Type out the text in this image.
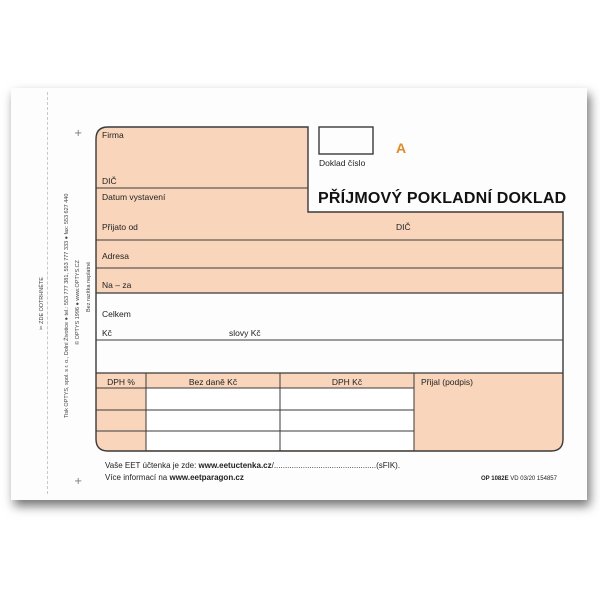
+
+
✂ ZDE ODTRHNĚTE	Tisk OPTYS, spol. s r. o., Dolní Životice ● tel.: 553 777 381, 553 777 333 ● fax: 553 627 440 © OPTYS 1996 ● www.OPTYS.CZ Bez razítka neplatné
Firma
DIČ
Datum vystavení
Doklad číslo
A
PŘÍJMOVÝ POKLADNÍ DOKLAD
Přijato od	DIČ
Adresa
Na – za
Celkem
Kč	slovy Kč
DPH %	Bez daně Kč	DPH Kč	Přijal (podpis)
Vaše EET účtenka je zde: www.eetuctenka.cz/..............................................(sFIK).
Více informací na www.eetparagon.cz	OP 1082E VD 03/20 154857
